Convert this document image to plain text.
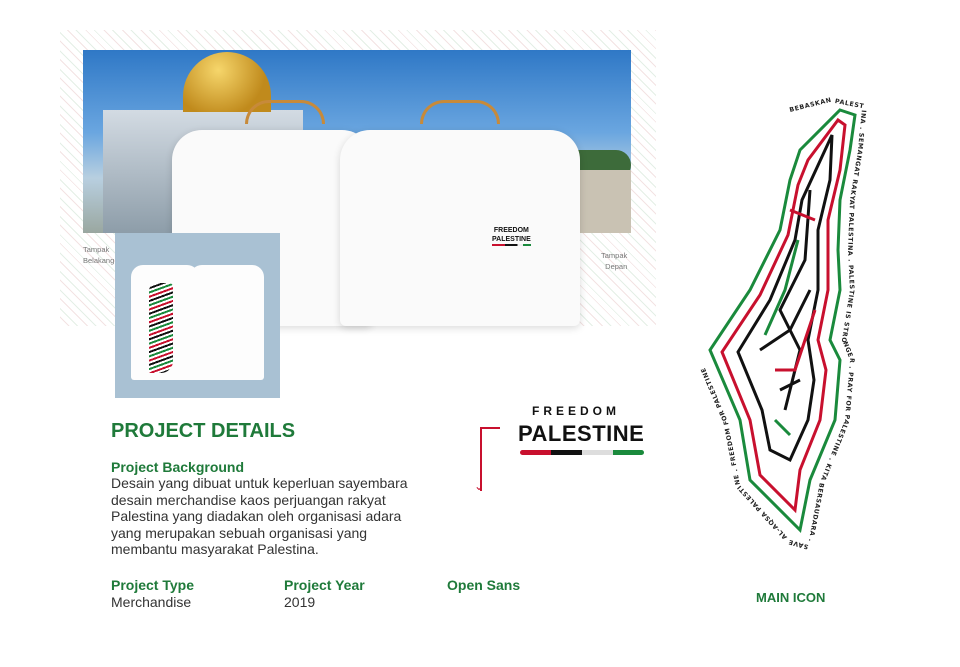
FREEDOM
PALESTINE
Tampak
Belakang
Tampak
Depan
PROJECT DETAILS
Project Background
Desain yang dibuat untuk keperluan sayembara desain merchandise kaos perjuangan rakyat Palestina yang diadakan oleh organisasi adara yang merupakan sebuah organisasi yang membantu masyarakat Palestina.
Project Type
Merchandise
Project Year
2019
Open Sans
⌄
FREEDOM
PALESTINE
BEBASKAN PALESTINA . SEMANGAT RAKYAT PALESTINA . PALESTINE IS STRONGER . PRAY FOR PALESTINE . KITA BERSAUDARA . SAVE AL-AQSA PALESTINE . FREEDOM FOR PALESTINE
MAIN ICON
